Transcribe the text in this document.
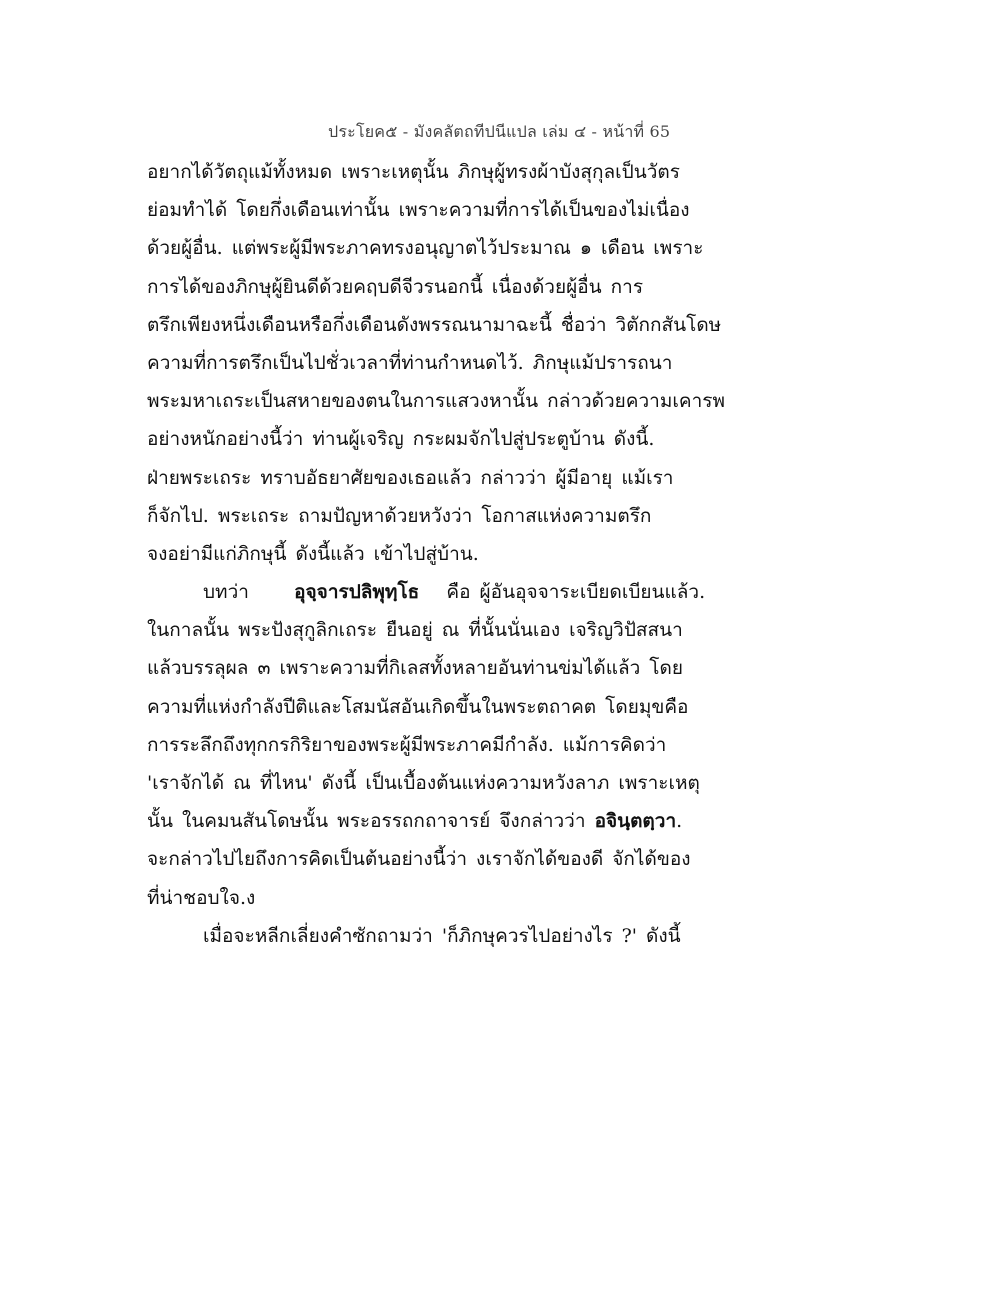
ประโยค๕ - มังคลัตถทีปนีแปล เล่ม ๔ - หน้าที่ 65
อยากได้วัตถุแม้ทั้งหมด เพราะเหตุนั้น ภิกษุผู้ทรงผ้าบังสุกุลเป็นวัตร
ย่อมทำได้ โดยกึ่งเดือนเท่านั้น เพราะความที่การได้เป็นของไม่เนื่อง
ด้วยผู้อื่น. แต่พระผู้มีพระภาคทรงอนุญาตไว้ประมาณ ๑ เดือน เพราะ
การได้ของภิกษุผู้ยินดีด้วยคฤบดีจีวรนอกนี้ เนื่องด้วยผู้อื่น การ
ตรึกเพียงหนึ่งเดือนหรือกึ่งเดือนดังพรรณนามาฉะนี้ ชื่อว่า วิตักกสันโดษ
ความที่การตรึกเป็นไปชั่วเวลาที่ท่านกำหนดไว้. ภิกษุแม้ปรารถนา
พระมหาเถระเป็นสหายของตนในการแสวงหานั้น กล่าวด้วยความเคารพ
อย่างหนักอย่างนี้ว่า ท่านผู้เจริญ กระผมจักไปสู่ประตูบ้าน ดังนี้.
ฝ่ายพระเถระ ทราบอัธยาศัยของเธอแล้ว กล่าวว่า ผู้มีอายุ แม้เรา
ก็จักไป. พระเถระ ถามปัญหาด้วยหวังว่า โอกาสแห่งความตรึก
จงอย่ามีแก่ภิกษุนี้ ดังนี้แล้ว เข้าไปสู่บ้าน.
บทว่า อุจฺจารปลิพุทฺโธ คือ ผู้อันอุจจาระเบียดเบียนแล้ว.
ในกาลนั้น พระปังสุกูลิกเถระ ยืนอยู่ ณ ที่นั้นนั่นเอง เจริญวิปัสสนา
แล้วบรรลุผล ๓ เพราะความที่กิเลสทั้งหลายอันท่านข่มได้แล้ว โดย
ความที่แห่งกำลังปีติและโสมนัสอันเกิดขึ้นในพระตถาคต โดยมุขคือ
การระลึกถึงทุกกรกิริยาของพระผู้มีพระภาคมีกำลัง. แม้การคิดว่า
'เราจักได้ ณ ที่ไหน' ดังนี้ เป็นเบื้องต้นแห่งความหวังลาภ เพราะเหตุ
นั้น ในคมนสันโดษนั้น พระอรรถกถาจารย์ จึงกล่าวว่า อจินฺตตฺวา.
จะกล่าวไปไยถึงการคิดเป็นต้นอย่างนี้ว่า งเราจักได้ของดี จักได้ของ
ที่น่าชอบใจ.ง
เมื่อจะหลีกเลี่ยงคำซักถามว่า 'ก็ภิกษุควรไปอย่างไร ?' ดังนี้
